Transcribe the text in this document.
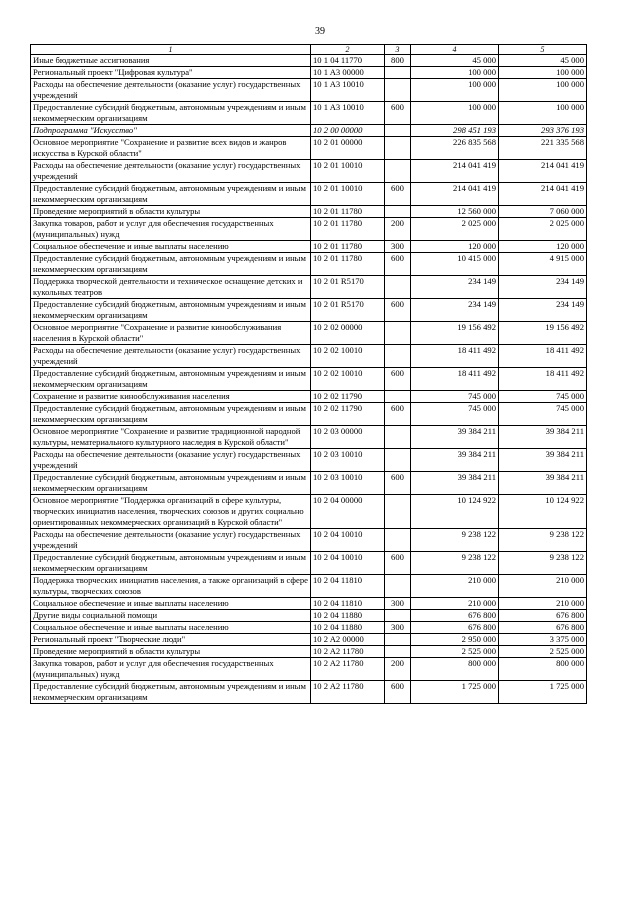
39
1	2	3	4	5
Иные бюджетные ассигнования	10 1 04 11770	800	45 000	45 000
Региональный проект "Цифровая культура"	10 1 A3 00000		100 000	100 000
Расходы на обеспечение деятельности (оказание услуг) государственных учреждений	10 1 A3 10010		100 000	100 000
Предоставление субсидий бюджетным, автономным учреждениям и иным некоммерческим организациям	10 1 A3 10010	600	100 000	100 000
Подпрограмма "Искусство"	10 2 00 00000		298 451 193	293 376 193
Основное мероприятие "Сохранение и развитие всех видов и жанров искусства в Курской области"	10 2 01 00000		226 835 568	221 335 568
Расходы на обеспечение деятельности (оказание услуг) государственных учреждений	10 2 01 10010		214 041 419	214 041 419
Предоставление субсидий бюджетным, автономным учреждениям и иным некоммерческим организациям	10 2 01 10010	600	214 041 419	214 041 419
Проведение мероприятий в области культуры	10 2 01 11780		12 560 000	7 060 000
Закупка товаров, работ и услуг для обеспечения государственных (муниципальных) нужд	10 2 01 11780	200	2 025 000	2 025 000
Социальное обеспечение и иные выплаты населению	10 2 01 11780	300	120 000	120 000
Предоставление субсидий бюджетным, автономным учреждениям и иным некоммерческим организациям	10 2 01 11780	600	10 415 000	4 915 000
Поддержка творческой деятельности и техническое оснащение детских и кукольных театров	10 2 01 R5170		234 149	234 149
Предоставление субсидий бюджетным, автономным учреждениям и иным некоммерческим организациям	10 2 01 R5170	600	234 149	234 149
Основное мероприятие "Сохранение и развитие кинообслуживания населения в Курской области"	10 2 02 00000		19 156 492	19 156 492
Расходы на обеспечение деятельности (оказание услуг) государственных учреждений	10 2 02 10010		18 411 492	18 411 492
Предоставление субсидий бюджетным, автономным учреждениям и иным некоммерческим организациям	10 2 02 10010	600	18 411 492	18 411 492
Сохранение и развитие кинообслуживания населения	10 2 02 11790		745 000	745 000
Предоставление субсидий бюджетным, автономным учреждениям и иным некоммерческим организациям	10 2 02 11790	600	745 000	745 000
Основное мероприятие "Сохранение и развитие традиционной народной культуры, нематериального культурного наследия в Курской области"	10 2 03 00000		39 384 211	39 384 211
Расходы на обеспечение деятельности (оказание услуг) государственных учреждений	10 2 03 10010		39 384 211	39 384 211
Предоставление субсидий бюджетным, автономным учреждениям и иным некоммерческим организациям	10 2 03 10010	600	39 384 211	39 384 211
Основное мероприятие "Поддержка организаций в сфере культуры, творческих инициатив населения, творческих союзов и других социально ориентированных некоммерческих организаций в Курской области"	10 2 04 00000		10 124 922	10 124 922
Расходы на обеспечение деятельности (оказание услуг) государственных учреждений	10 2 04 10010		9 238 122	9 238 122
Предоставление субсидий бюджетным, автономным учреждениям и иным некоммерческим организациям	10 2 04 10010	600	9 238 122	9 238 122
Поддержка творческих инициатив населения, а также организаций в сфере культуры, творческих союзов	10 2 04 11810		210 000	210 000
Социальное обеспечение и иные выплаты населению	10 2 04 11810	300	210 000	210 000
Другие виды социальной помощи	10 2 04 11880		676 800	676 800
Социальное обеспечение и иные выплаты населению	10 2 04 11880	300	676 800	676 800
Региональный проект "Творческие люди"	10 2 A2 00000		2 950 000	3 375 000
Проведение мероприятий в области культуры	10 2 A2 11780		2 525 000	2 525 000
Закупка товаров, работ и услуг для обеспечения государственных (муниципальных) нужд	10 2 A2 11780	200	800 000	800 000
Предоставление субсидий бюджетным, автономным учреждениям и иным некоммерческим организациям	10 2 A2 11780	600	1 725 000	1 725 000
